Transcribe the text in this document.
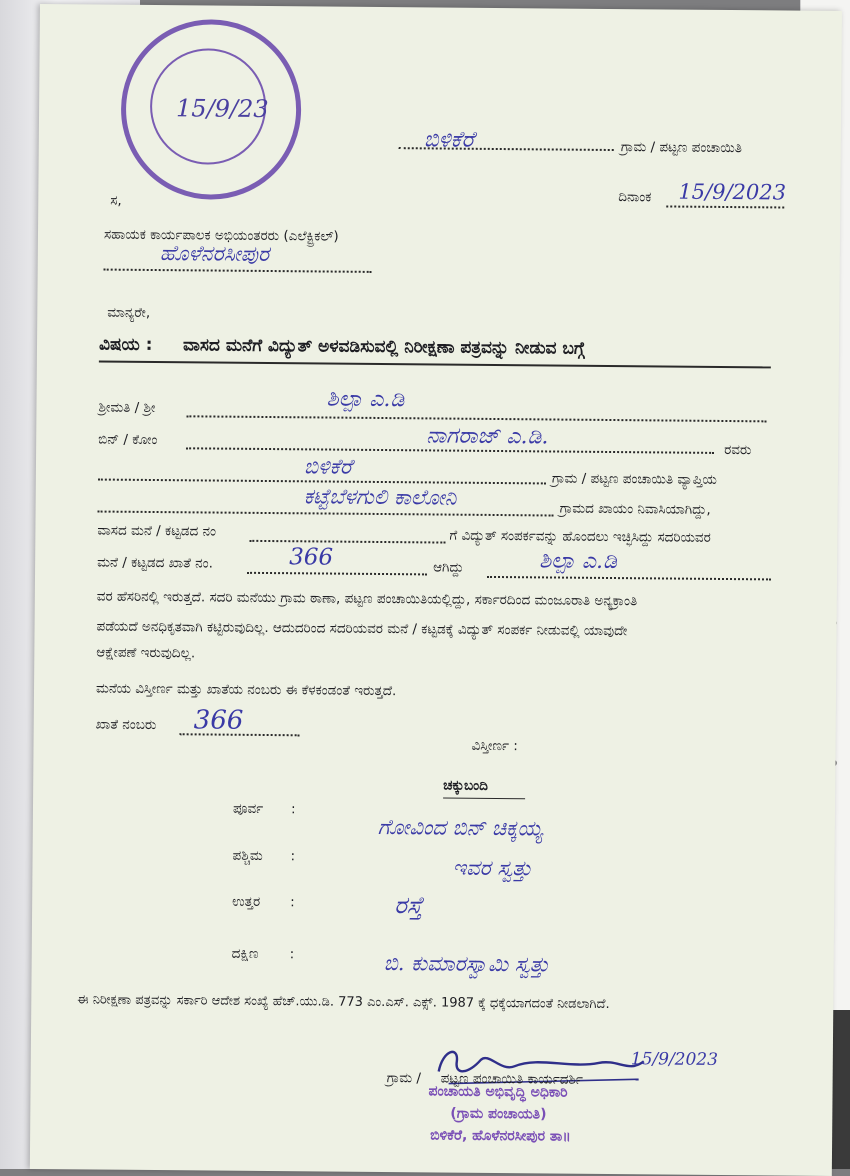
15/9/23
ಬಿಳಿಕೆರೆ	ಗ್ರಾಮ / ಪಟ್ಟಣ ಪಂಚಾಯಿತಿ
ದಿನಾಂಕ 15/9/2023
ಸ,
ಸಹಾಯಕ ಕಾರ್ಯಪಾಲಕ ಅಭಿಯಂತರರು (ಎಲೆಕ್ಟ್ರಿಕಲ್)
ಹೊಳೆನರಸೀಪುರ
ಮಾನ್ಯರೇ,
ವಿಷಯ : ವಾಸದ ಮನೆಗೆ ವಿದ್ಯುತ್ ಅಳವಡಿಸುವಲ್ಲಿ ನಿರೀಕ್ಷಣಾ ಪತ್ರವನ್ನು ನೀಡುವ ಬಗ್ಗೆ
ಶ್ರೀಮತಿ / ಶ್ರೀ	ಶಿಲ್ಪಾ ಎ.ಡಿ
ಬಿನ್ / ಕೋಂ	ನಾಗರಾಜ್ ಎ.ಡಿ.
ರವರು
ಬಿಳಿಕೆರೆ
ಗ್ರಾಮ / ಪಟ್ಟಣ ಪಂಚಾಯಿತಿ ವ್ಯಾಪ್ತಿಯ
ಕಟ್ಟೆಬೆಳಗುಲಿ ಕಾಲೋನಿ	ಗ್ರಾಮದ ಖಾಯಂ ನಿವಾಸಿಯಾಗಿದ್ದು,
ವಾಸದ ಮನೆ / ಕಟ್ಟಡದ ನಂ	ಗೆ ವಿದ್ಯುತ್ ಸಂಪರ್ಕವನ್ನು ಹೊಂದಲು ಇಚ್ಛಿಸಿದ್ದು ಸದರಿಯವರ
ಮನೆ / ಕಟ್ಟಡದ ಖಾತೆ ನಂ.	366	ಆಗಿದ್ದು	ಶಿಲ್ಪಾ ಎ.ಡಿ
ವರ ಹೆಸರಿನಲ್ಲಿ ಇರುತ್ತದೆ. ಸದರಿ ಮನೆಯು ಗ್ರಾಮ ಠಾಣಾ, ಪಟ್ಟಣ ಪಂಚಾಯಿತಿಯಲ್ಲಿದ್ದು, ಸರ್ಕಾರದಿಂದ ಮಂಜೂರಾತಿ ಅನ್ಯಕ್ರಾಂತಿ
ಪಡೆಯದೆ ಅನಧಿಕೃತವಾಗಿ ಕಟ್ಟಿರುವುದಿಲ್ಲ. ಆದುದರಿಂದ ಸದರಿಯವರ ಮನೆ / ಕಟ್ಟಡಕ್ಕೆ ವಿದ್ಯುತ್ ಸಂಪರ್ಕ ನೀಡುವಲ್ಲಿ ಯಾವುದೇ
ಆಕ್ಷೇಪಣೆ ಇರುವುದಿಲ್ಲ.
ಮನೆಯ ವಿಸ್ತೀರ್ಣ ಮತ್ತು ಖಾತೆಯ ನಂಬರು ಈ ಕೆಳಕಂಡಂತೆ ಇರುತ್ತದೆ.
ಖಾತೆ ನಂಬರು 366
ವಿಸ್ತೀರ್ಣ :
ಚಕ್ಕುಬಂದಿ
ಪೂರ್ವ :
ಗೋವಿಂದ ಬಿನ್ ಚಿಕ್ಕಯ್ಯ
ಪಶ್ಚಿಮ :	ಇವರ ಸ್ವತ್ತು
ಉತ್ತರ :	ರಸ್ತೆ
ದಕ್ಷಿಣ :	ಬಿ. ಕುಮಾರಸ್ವಾಮಿ ಸ್ವತ್ತು
ಈ ನಿರೀಕ್ಷಣಾ ಪತ್ರವನ್ನು ಸರ್ಕಾರಿ ಆದೇಶ ಸಂಖ್ಯೆ ಹೆಚ್.ಯು.ಡಿ. 773 ಎಂ.ಎಸ್. ಎಕ್ಸ್. 1987 ಕ್ಕೆ ಧಕ್ಕೆಯಾಗದಂತೆ ನೀಡಲಾಗಿದೆ.
ಗ್ರಾಮ / ಪಟ್ಟಣ ಪಂಚಾಯಿತಿ ಕಾರ್ಯದರ್ಶಿ
15/9/2023
ಪಂಚಾಯತಿ ಅಭಿವೃದ್ಧಿ ಅಧಿಕಾರಿ
(ಗ್ರಾಮ ಪಂಚಾಯತಿ)
ಬಿಳಿಕೆರೆ, ಹೊಳೆನರಸೀಪುರ ತಾ॥
